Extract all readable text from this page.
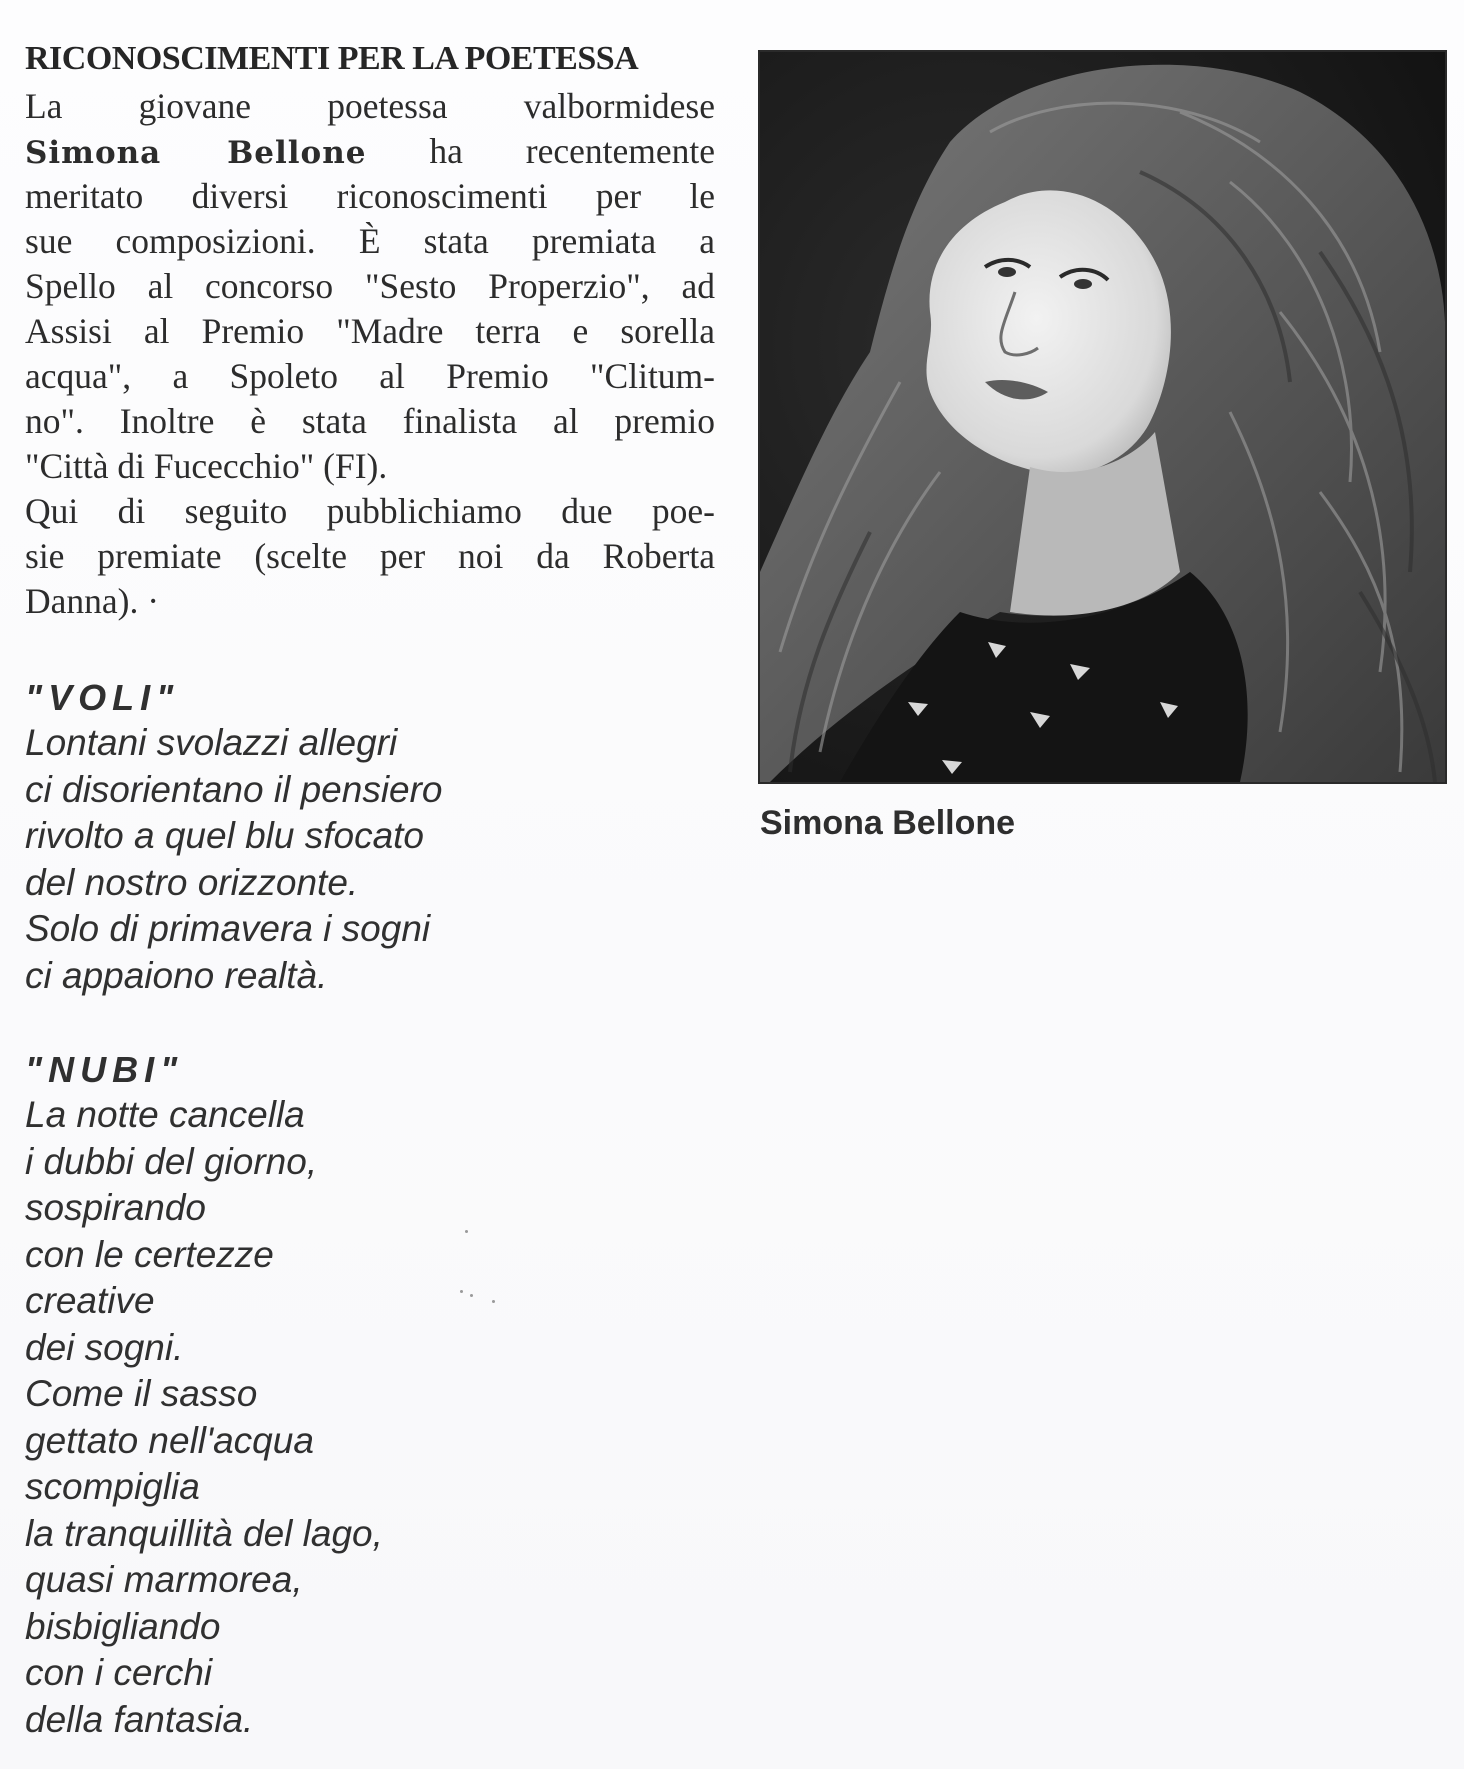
RICONOSCIMENTI PER LA POETESSA
La giovane poetessa valbormidese
Simona Bellone ha recentemente
meritato diversi riconoscimenti per le
sue composizioni. È stata premiata a
Spello al concorso "Sesto Properzio", ad
Assisi al Premio "Madre terra e sorella
acqua", a Spoleto al Premio "Clitum-
no". Inoltre è stata finalista al premio
"Città di Fucecchio" (FI).
Qui di seguito pubblichiamo due poe-
sie premiate (scelte per noi da Roberta
Danna). ·
"VOLI"
Lontani svolazzi allegri
ci disorientano il pensiero
rivolto a quel blu sfocato
del nostro orizzonte.
Solo di primavera i sogni
ci appaiono realtà.
"NUBI"
La notte cancella
i dubbi del giorno,
sospirando
con le certezze
creative
dei sogni.
Come il sasso
gettato nell'acqua
scompiglia
la tranquillità del lago,
quasi marmorea,
bisbigliando
con i cerchi
della fantasia.
Simona Bellone
